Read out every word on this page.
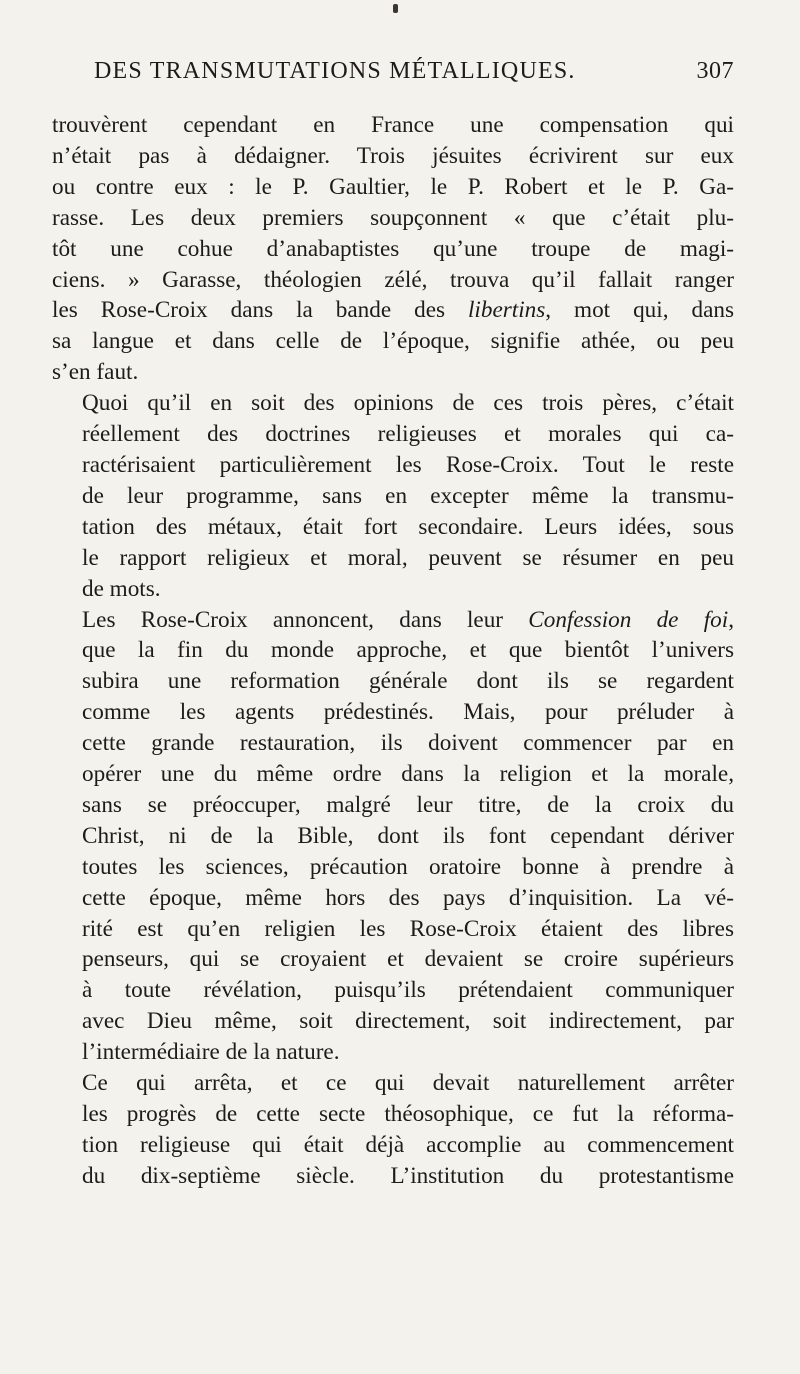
DES TRANSMUTATIONS MÉTALLIQUES.	307

trouvèrent cependant en France une compensation qui
n’était pas à dédaigner. Trois jésuites écrivirent sur eux
ou contre eux : le P. Gaultier, le P. Robert et le P. Ga-
rasse. Les deux premiers soupçonnent « que c’était plu-
tôt une cohue d’anabaptistes qu’une troupe de magi-
ciens. » Garasse, théologien zélé, trouva qu’il fallait ranger
les Rose-Croix dans la bande des libertins, mot qui, dans
sa langue et dans celle de l’époque, signifie athée, ou peu
s’en faut.

Quoi qu’il en soit des opinions de ces trois pères, c’était
réellement des doctrines religieuses et morales qui ca-
ractérisaient particulièrement les Rose-Croix. Tout le reste
de leur programme, sans en excepter même la transmu-
tation des métaux, était fort secondaire. Leurs idées, sous
le rapport religieux et moral, peuvent se résumer en peu
de mots.

Les Rose-Croix annoncent, dans leur Confession de foi,
que la fin du monde approche, et que bientôt l’univers
subira une reformation générale dont ils se regardent
comme les agents prédestinés. Mais, pour préluder à
cette grande restauration, ils doivent commencer par en
opérer une du même ordre dans la religion et la morale,
sans se préoccuper, malgré leur titre, de la croix du
Christ, ni de la Bible, dont ils font cependant dériver
toutes les sciences, précaution oratoire bonne à prendre à
cette époque, même hors des pays d’inquisition. La vé-
rité est qu’en religien les Rose-Croix étaient des libres
penseurs, qui se croyaient et devaient se croire supérieurs
à toute révélation, puisqu’ils prétendaient communiquer
avec Dieu même, soit directement, soit indirectement, par
l’intermédiaire de la nature.

Ce qui arrêta, et ce qui devait naturellement arrêter
les progrès de cette secte théosophique, ce fut la réforma-
tion religieuse qui était déjà accomplie au commencement
du dix-septième siècle. L’institution du protestantisme
